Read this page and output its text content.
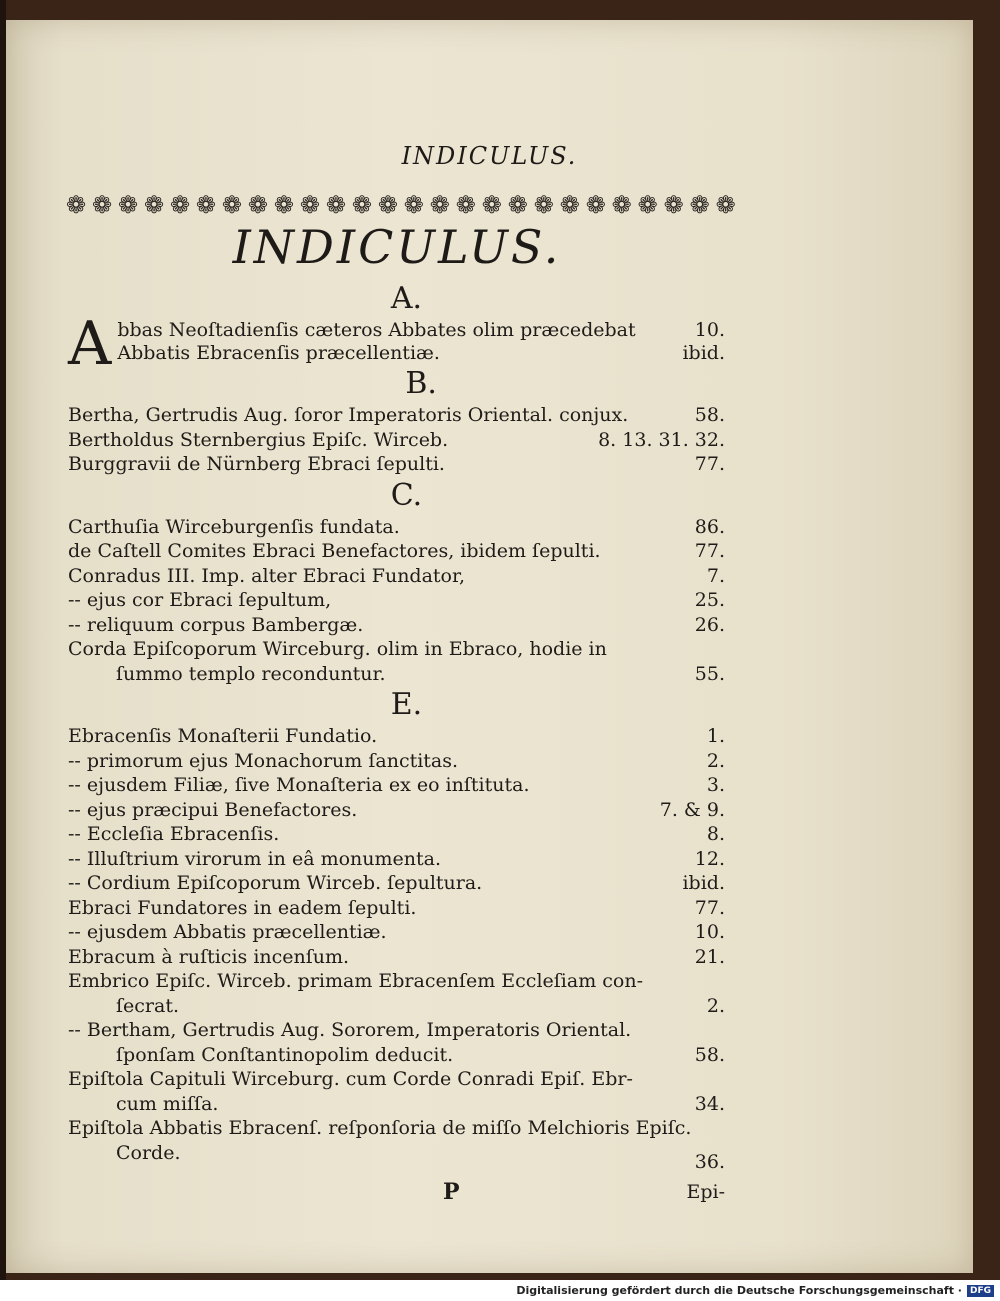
INDICULUS.
❁ ❁ ❁ ❁ ❁ ❁ ❁ ❁ ❁ ❁ ❁ ❁ ❁ ❁ ❁ ❁ ❁ ❁ ❁ ❁ ❁ ❁ ❁ ❁ ❁ ❁
INDICULUS.
A.
A bbas Neoſtadienſis cæteros Abbates olim præcedebat	10.
Abbatis Ebracenſis præcellentiæ.	ibid.
B.
Bertha, Gertrudis Aug. ſoror Imperatoris Oriental. conjux.	58.
Bertholdus Sternbergius Epiſc. Wirceb.	8. 13. 31. 32.
Burggravii de Nürnberg Ebraci ſepulti.	77.
C.
Carthuſia Wirceburgenſis fundata.	86.
de Caſtell Comites Ebraci Benefactores, ibidem ſepulti.	77.
Conradus III. Imp. alter Ebraci Fundator,	7.
-- ejus cor Ebraci ſepultum,	25.
-- reliquum corpus Bambergæ.	26.
Corda Epiſcoporum Wirceburg. olim in Ebraco, hodie in
ſummo templo reconduntur.	55.
E.
Ebracenſis Monaſterii Fundatio.	1.
-- primorum ejus Monachorum ſanctitas.	2.
-- ejusdem Filiæ, ſive Monaſteria ex eo inſtituta.	3.
-- ejus præcipui Benefactores.	7. & 9.
-- Eccleſia Ebracenſis.	8.
-- Illuſtrium virorum in eâ monumenta.	12.
-- Cordium Epiſcoporum Wirceb. ſepultura.	ibid.
Ebraci Fundatores in eadem ſepulti.	77.
-- ejusdem Abbatis præcellentiæ.	10.
Ebracum à ruſticis incenſum.	21.
Embrico Epiſc. Wirceb. primam Ebracenſem Eccleſiam con-
ſecrat.	2.
-- Bertham, Gertrudis Aug. Sororem, Imperatoris Oriental.
ſponſam Conſtantinopolim deducit.	58.
Epiſtola Capituli Wirceburg. cum Corde Conradi Epiſ. Ebr-
cum miſſa.	34.
Epiſtola Abbatis Ebracenſ. reſponſoria de miſſo Melchioris Epiſc.
Corde.	36.
P	Epi-
Digitalisierung gefördert durch die Deutsche Forschungsgemeinschaft · DFG
